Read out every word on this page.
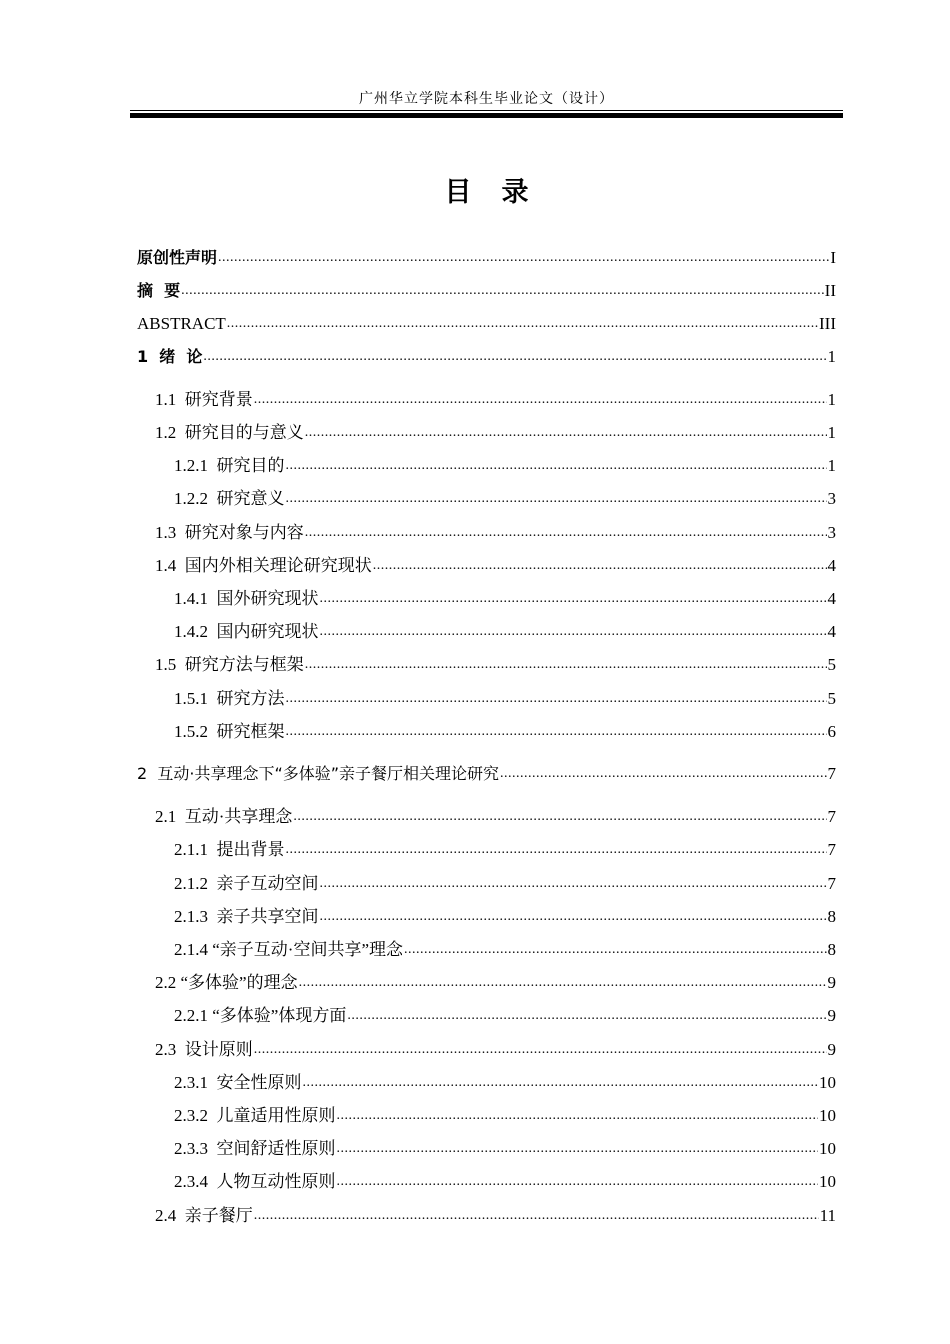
广州华立学院本科生毕业论文（设计）
目录
原创性声明 .....	I
摘  要 .....	II
ABSTRACT .....	III
1  绪  论 .....	1
1.1  研究背景 .....	1
1.2  研究目的与意义 .....	1
1.2.1  研究目的 .....	1
1.2.2  研究意义 .....	3
1.3  研究对象与内容 .....	3
1.4  国内外相关理论研究现状 .....	4
1.4.1  国外研究现状 .....	4
1.4.2  国内研究现状 .....	4
1.5  研究方法与框架 .....	5
1.5.1  研究方法 .....	5
1.5.2  研究框架 .....	6
2  互动·共享理念下“多体验”亲子餐厅相关理论研究 .....	7
2.1  互动·共享理念 .....	7
2.1.1  提出背景 .....	7
2.1.2  亲子互动空间 .....	7
2.1.3  亲子共享空间 .....	8
2.1.4 “亲子互动·空间共享”理念 .....	8
2.2 “多体验”的理念 .....	9
2.2.1 “多体验”体现方面 .....	9
2.3  设计原则 .....	9
2.3.1  安全性原则 .....	10
2.3.2  儿童适用性原则 .....	10
2.3.3  空间舒适性原则 .....	10
2.3.4  人物互动性原则 .....	10
2.4  亲子餐厅 .....	11
